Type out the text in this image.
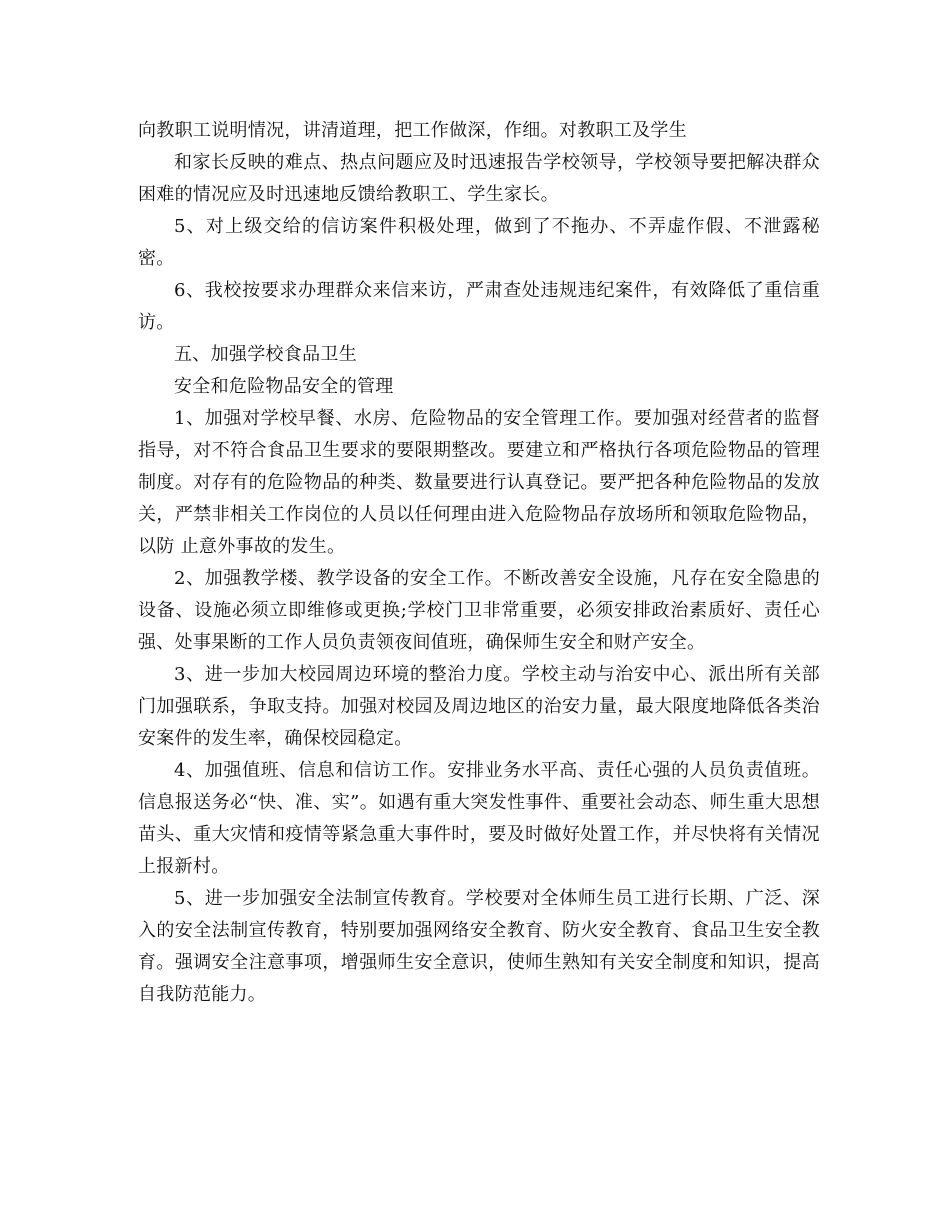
向教职工说明情况，讲清道理，把工作做深，作细。对教职工及学生

和家长反映的难点、热点问题应及时迅速报告学校领导，学校领导要把解决群众困难的情况应及时迅速地反馈给教职工、学生家长。

5、对上级交给的信访案件积极处理，做到了不拖办、不弄虚作假、不泄露秘密。

6、我校按要求办理群众来信来访，严肃查处违规违纪案件，有效降低了重信重访。

五、加强学校食品卫生

安全和危险物品安全的管理

1、加强对学校早餐、水房、危险物品的安全管理工作。要加强对经营者的监督指导，对不符合食品卫生要求的要限期整改。要建立和严格执行各项危险物品的管理制度。对存有的危险物品的种类、数量要进行认真登记。要严把各种危险物品的发放关，严禁非相关工作岗位的人员以任何理由进入危险物品存放场所和领取危险物品，以防 止意外事故的发生。

2、加强教学楼、教学设备的安全工作。不断改善安全设施，凡存在安全隐患的设备、设施必须立即维修或更换;学校门卫非常重要，必须安排政治素质好、责任心强、处事果断的工作人员负责领夜间值班，确保师生安全和财产安全。

3、进一步加大校园周边环境的整治力度。学校主动与治安中心、派出所有关部门加强联系，争取支持。加强对校园及周边地区的治安力量，最大限度地降低各类治安案件的发生率，确保校园稳定。

4、加强值班、信息和信访工作。安排业务水平高、责任心强的人员负责值班。信息报送务必“快、准、实”。如遇有重大突发性事件、重要社会动态、师生重大思想苗头、重大灾情和疫情等紧急重大事件时，要及时做好处置工作，并尽快将有关情况上报新村。

5、进一步加强安全法制宣传教育。学校要对全体师生员工进行长期、广泛、深入的安全法制宣传教育，特别要加强网络安全教育、防火安全教育、食品卫生安全教育。强调安全注意事项，增强师生安全意识，使师生熟知有关安全制度和知识，提高自我防范能力。
